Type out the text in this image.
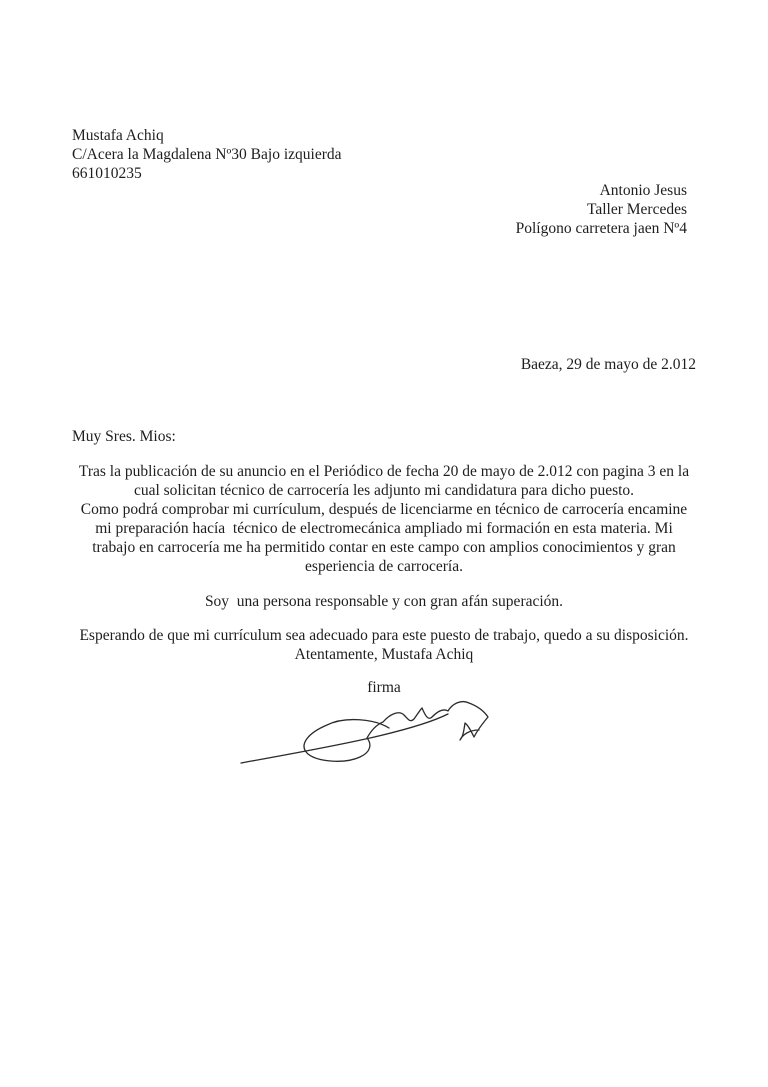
Mustafa Achiq
C/Acera la Magdalena Nº30 Bajo izquierda
661010235
Antonio Jesus
Taller Mercedes
Polígono carretera jaen Nº4
Baeza, 29 de mayo de 2.012
Muy Sres. Mios:
Tras la publicación de su anuncio en el Periódico de fecha 20 de mayo de 2.012 con pagina 3 en la
cual solicitan técnico de carrocería les adjunto mi candidatura para dicho puesto.
Como podrá comprobar mi currículum, después de licenciarme en técnico de carrocería encamine
mi preparación hacía  técnico de electromecánica ampliado mi formación en esta materia. Mi
trabajo en carrocería me ha permitido contar en este campo con amplios conocimientos y gran
esperiencia de carrocería.
Soy  una persona responsable y con gran afán superación.
Esperando de que mi currículum sea adecuado para este puesto de trabajo, quedo a su disposición.
Atentamente, Mustafa Achiq
firma
